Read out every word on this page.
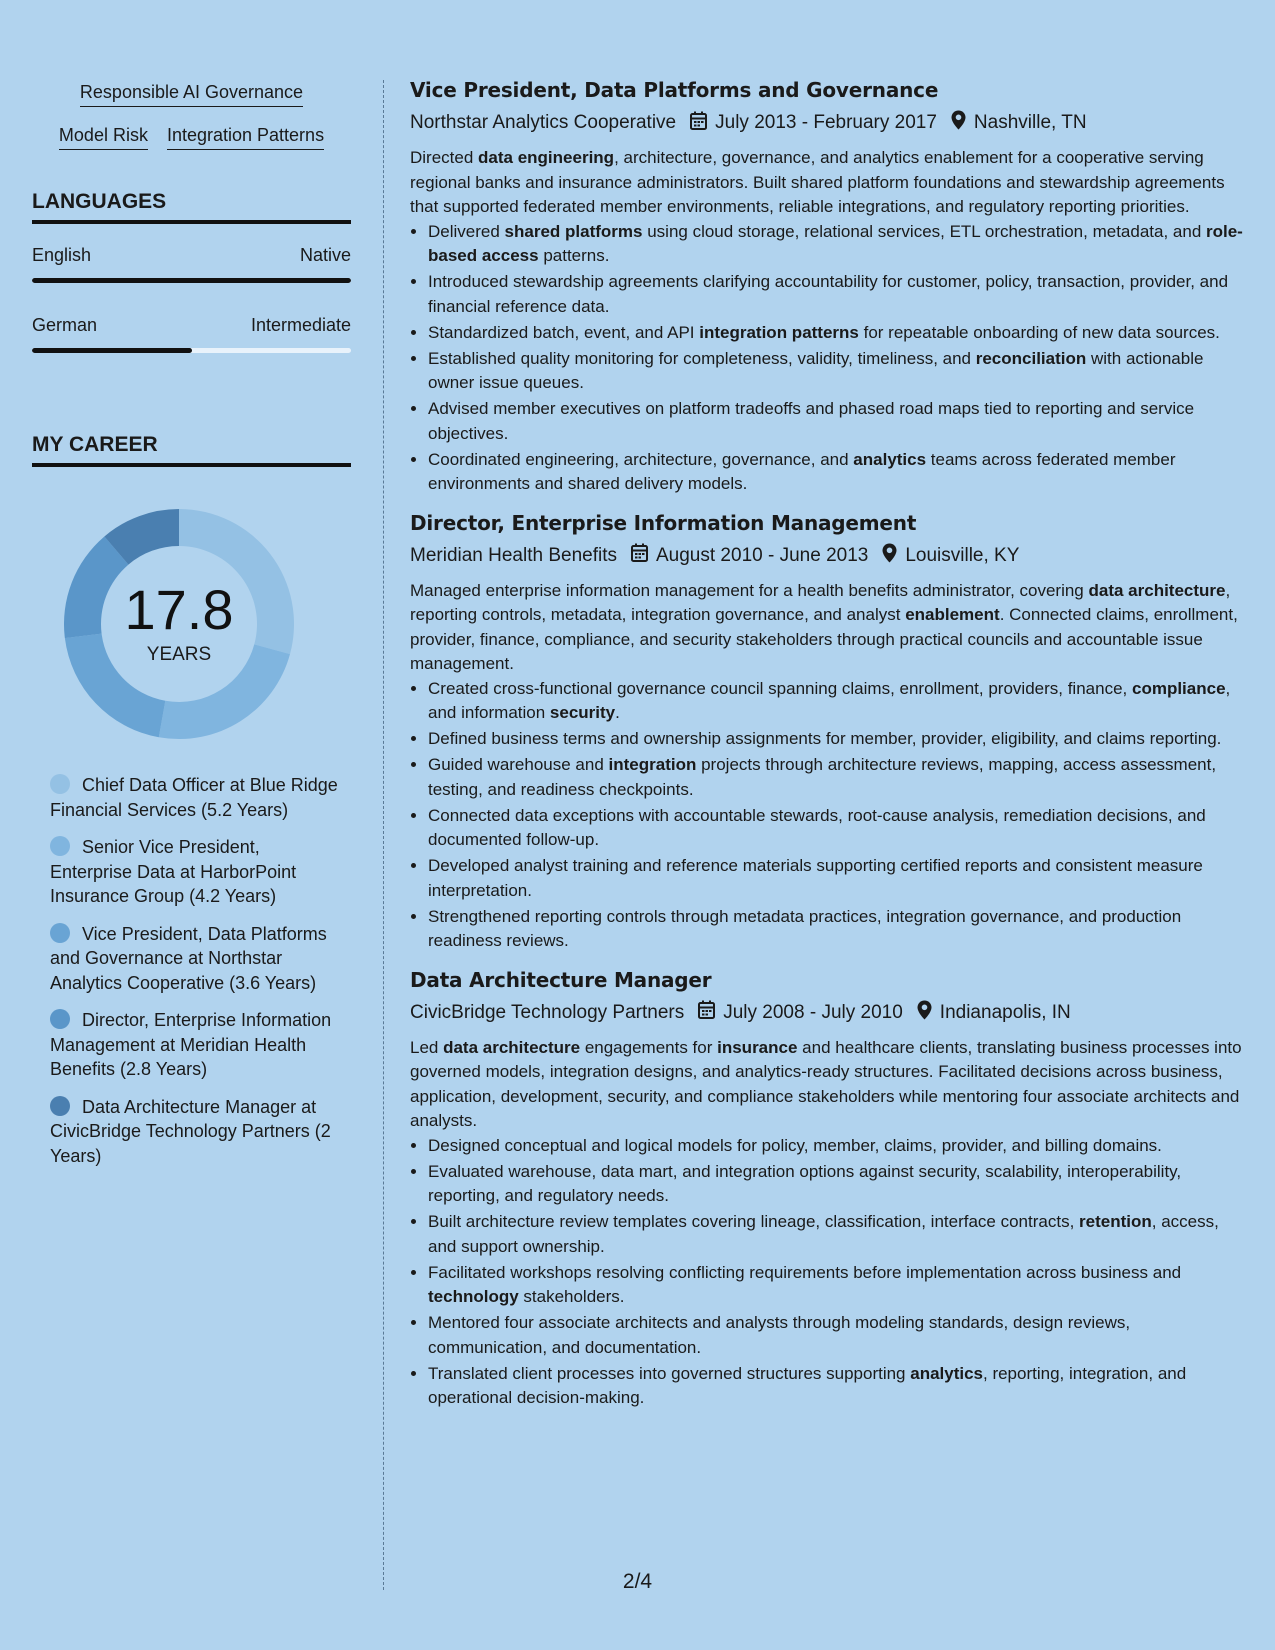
Responsible AI Governance
Model Risk Integration Patterns
LANGUAGES
English	Native
German	Intermediate
MY CAREER
17.8
YEARS
Chief Data Officer at Blue Ridge Financial Services (5.2 Years)
Senior Vice President, Enterprise Data at HarborPoint Insurance Group (4.2 Years)
Vice President, Data Platforms and Governance at Northstar Analytics Cooperative (3.6 Years)
Director, Enterprise Information Management at Meridian Health Benefits (2.8 Years)
Data Architecture Manager at CivicBridge Technology Partners (2 Years)
Vice President, Data Platforms and Governance
Northstar Analytics Cooperative July 2013 - February 2017 Nashville, TN

Directed data engineering, architecture, governance, and analytics enablement for a cooperative serving regional banks and insurance administrators. Built shared platform foundations and stewardship agreements that supported federated member environments, reliable integrations, and regulatory reporting priorities.

• Delivered shared platforms using cloud storage, relational services, ETL orchestration, metadata, and role-based access patterns.
• Introduced stewardship agreements clarifying accountability for customer, policy, transaction, provider, and financial reference data.
• Standardized batch, event, and API integration patterns for repeatable onboarding of new data sources.
• Established quality monitoring for completeness, validity, timeliness, and reconciliation with actionable owner issue queues.
• Advised member executives on platform tradeoffs and phased road maps tied to reporting and service objectives.
• Coordinated engineering, architecture, governance, and analytics teams across federated member environments and shared delivery models.
Director, Enterprise Information Management
Meridian Health Benefits August 2010 - June 2013 Louisville, KY

Managed enterprise information management for a health benefits administrator, covering data architecture, reporting controls, metadata, integration governance, and analyst enablement. Connected claims, enrollment, provider, finance, compliance, and security stakeholders through practical councils and accountable issue management.

• Created cross-functional governance council spanning claims, enrollment, providers, finance, compliance, and information security.
• Defined business terms and ownership assignments for member, provider, eligibility, and claims reporting.
• Guided warehouse and integration projects through architecture reviews, mapping, access assessment, testing, and readiness checkpoints.
• Connected data exceptions with accountable stewards, root-cause analysis, remediation decisions, and documented follow-up.
• Developed analyst training and reference materials supporting certified reports and consistent measure interpretation.
• Strengthened reporting controls through metadata practices, integration governance, and production readiness reviews.
Data Architecture Manager
CivicBridge Technology Partners July 2008 - July 2010 Indianapolis, IN

Led data architecture engagements for insurance and healthcare clients, translating business processes into governed models, integration designs, and analytics-ready structures. Facilitated decisions across business, application, development, security, and compliance stakeholders while mentoring four associate architects and analysts.

• Designed conceptual and logical models for policy, member, claims, provider, and billing domains.
• Evaluated warehouse, data mart, and integration options against security, scalability, interoperability, reporting, and regulatory needs.
• Built architecture review templates covering lineage, classification, interface contracts, retention, access, and support ownership.
• Facilitated workshops resolving conflicting requirements before implementation across business and technology stakeholders.
• Mentored four associate architects and analysts through modeling standards, design reviews, communication, and documentation.
• Translated client processes into governed structures supporting analytics, reporting, integration, and operational decision-making.
2/4
